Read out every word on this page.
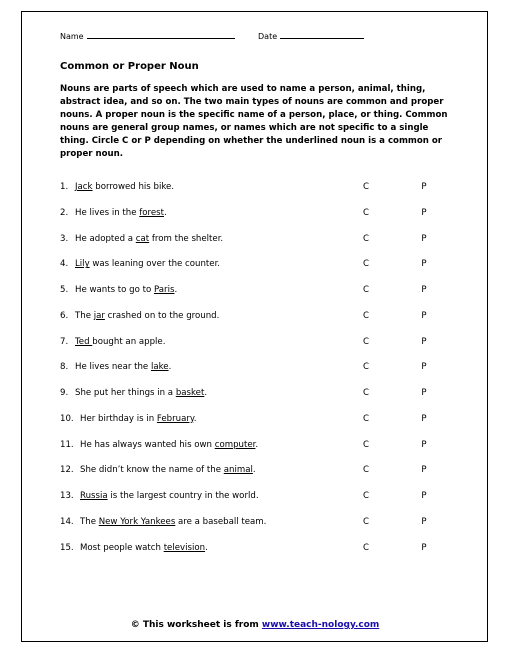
Name	Date
Common or Proper Noun
Nouns are parts of speech which are used to name a person, animal, thing, abstract idea, and so on. The two main types of nouns are common and proper nouns. A proper noun is the specific name of a person, place, or thing. Common nouns are general group names, or names which are not specific to a single thing. Circle C or P depending on whether the underlined noun is a common or proper noun.
1. Jack borrowed his bike.	C	P
2. He lives in the forest.	C	P
3. He adopted a cat from the shelter.	C	P
4. Lily was leaning over the counter.	C	P
5. He wants to go to Paris.	C	P
6. The jar crashed on to the ground.	C	P
7. Ted bought an apple.	C	P
8. He lives near the lake.	C	P
9. She put her things in a basket.	C	P
10. Her birthday is in February.	C	P
11. He has always wanted his own computer.	C	P
12. She didn’t know the name of the animal.	C	P
13. Russia is the largest country in the world.	C	P
14. The New York Yankees are a baseball team.	C	P
15. Most people watch television.	C	P
© This worksheet is from www.teach-nology.com
